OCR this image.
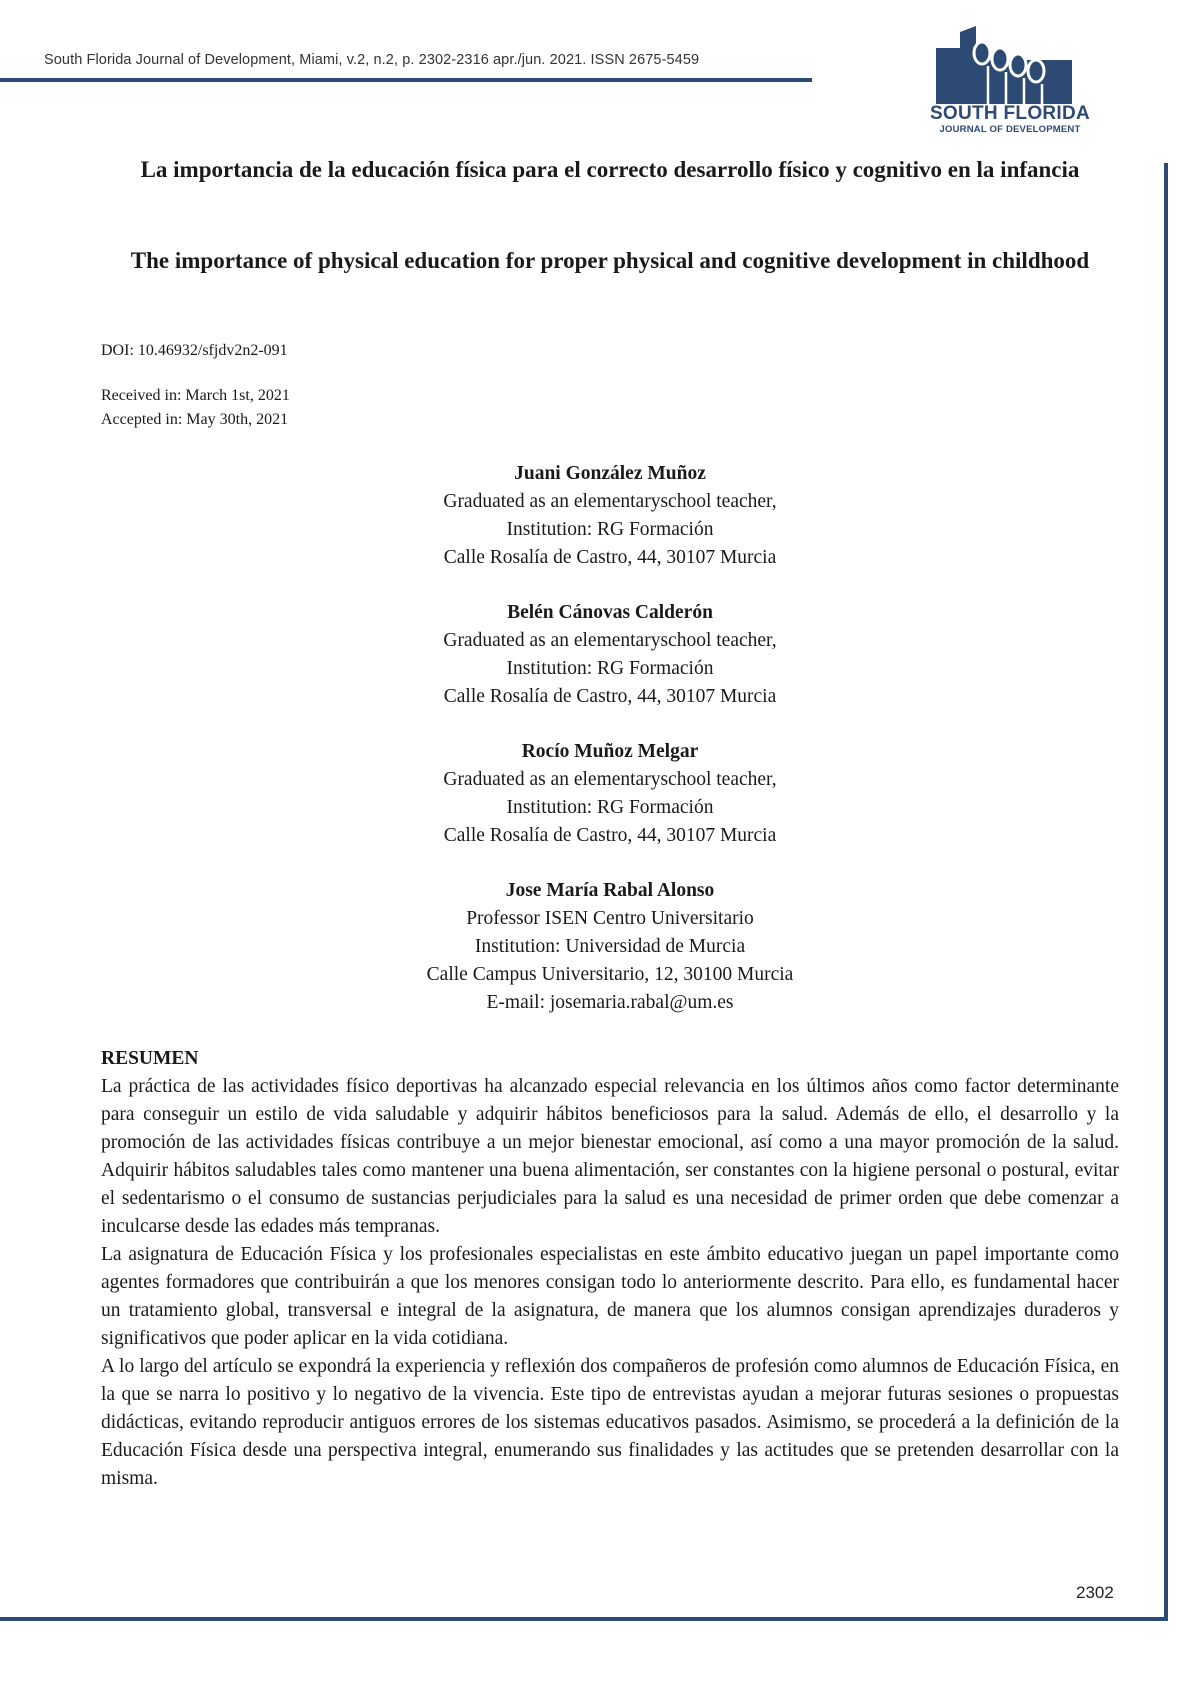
South Florida Journal of Development, Miami, v.2, n.2, p. 2302-2316 apr./jun. 2021. ISSN 2675-5459
SOUTH FLORIDA
JOURNAL OF DEVELOPMENT
La importancia de la educación física para el correcto desarrollo físico y cognitivo en la infancia
The importance of physical education for proper physical and cognitive development in childhood
DOI: 10.46932/sfjdv2n2-091
Received in: March 1st, 2021
Accepted in: May 30th, 2021
Juani González Muñoz
Graduated as an elementaryschool teacher,
Institution: RG Formación
Calle Rosalía de Castro, 44, 30107 Murcia
Belén Cánovas Calderón
Graduated as an elementaryschool teacher,
Institution: RG Formación
Calle Rosalía de Castro, 44, 30107 Murcia
Rocío Muñoz Melgar
Graduated as an elementaryschool teacher,
Institution: RG Formación
Calle Rosalía de Castro, 44, 30107 Murcia
Jose María Rabal Alonso
Professor ISEN Centro Universitario
Institution: Universidad de Murcia
Calle Campus Universitario, 12, 30100 Murcia
E-mail: josemaria.rabal@um.es
RESUMEN

La práctica de las actividades físico deportivas ha alcanzado especial relevancia en los últimos años como factor determinante para conseguir un estilo de vida saludable y adquirir hábitos beneficiosos para la salud. Además de ello, el desarrollo y la promoción de las actividades físicas contribuye a un mejor bienestar emocional, así como a una mayor promoción de la salud. Adquirir hábitos saludables tales como mantener una buena alimentación, ser constantes con la higiene personal o postural, evitar el sedentarismo o el consumo de sustancias perjudiciales para la salud es una necesidad de primer orden que debe comenzar a inculcarse desde las edades más tempranas.

La asignatura de Educación Física y los profesionales especialistas en este ámbito educativo juegan un papel importante como agentes formadores que contribuirán a que los menores consigan todo lo anteriormente descrito. Para ello, es fundamental hacer un tratamiento global, transversal e integral de la asignatura, de manera que los alumnos consigan aprendizajes duraderos y significativos que poder aplicar en la vida cotidiana.

A lo largo del artículo se expondrá la experiencia y reflexión dos compañeros de profesión como alumnos de Educación Física, en la que se narra lo positivo y lo negativo de la vivencia. Este tipo de entrevistas ayudan a mejorar futuras sesiones o propuestas didácticas, evitando reproducir antiguos errores de los sistemas educativos pasados. Asimismo, se procederá a la definición de la Educación Física desde una perspectiva integral, enumerando sus finalidades y las actitudes que se pretenden desarrollar con la misma.

2302
